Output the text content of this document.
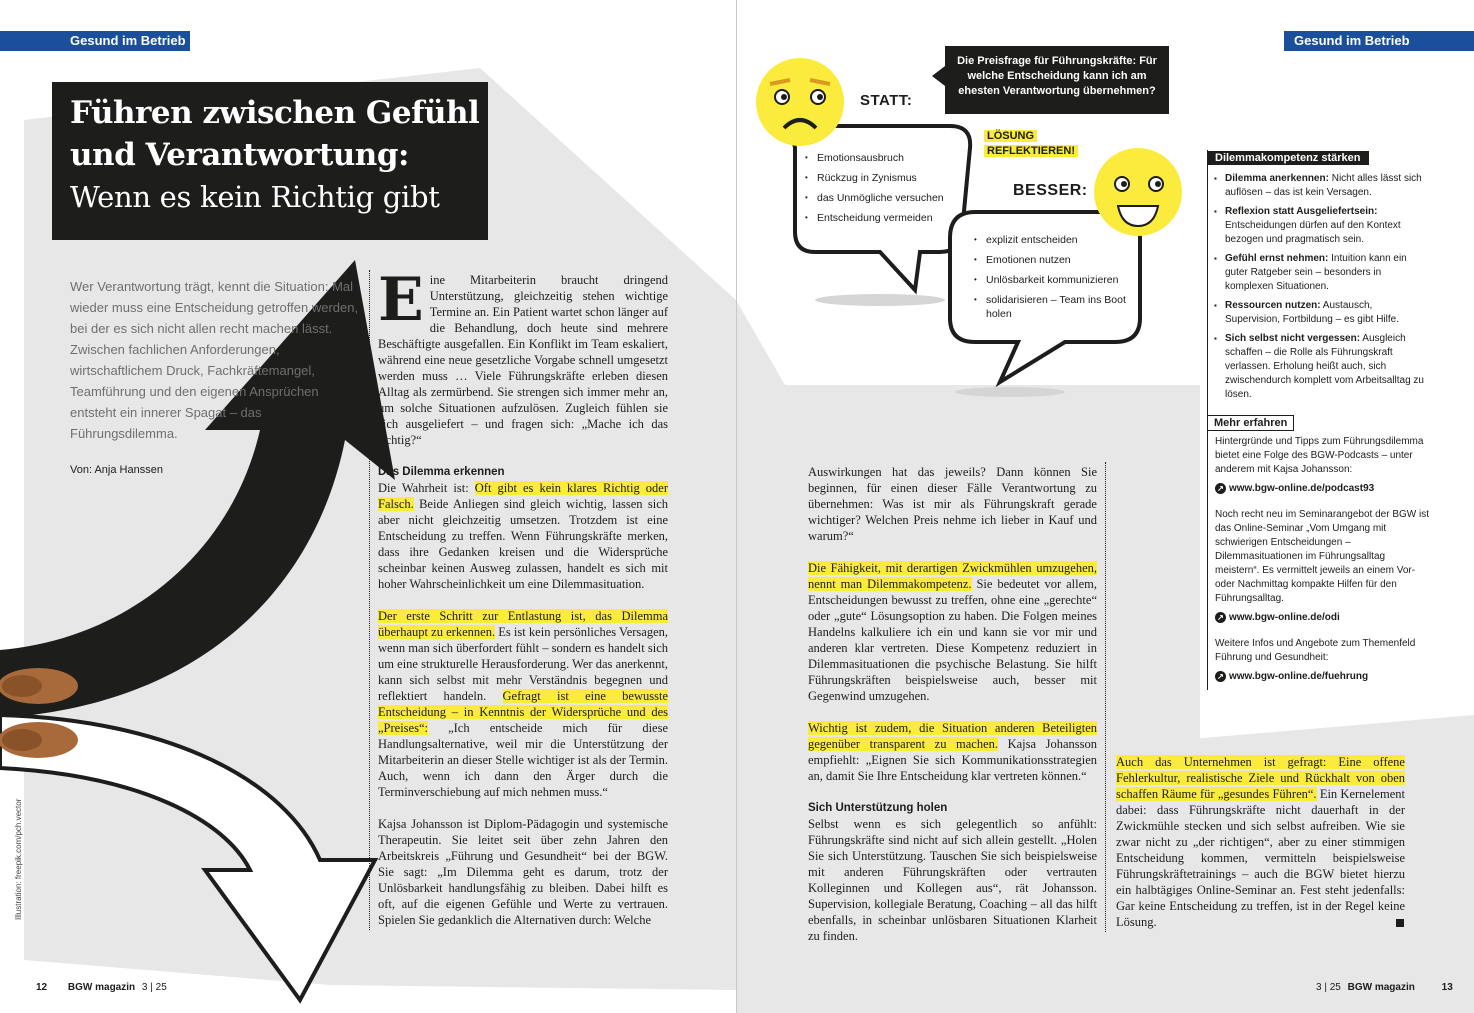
Gesund im Betrieb	Gesund im Betrieb
Führen zwischen Gefühl
und Verantwortung:
Wenn es kein Richtig gibt
Wer Verantwortung trägt, kennt die Situation: Mal wieder muss eine Entscheidung getroffen werden, bei der es sich nicht allen recht machen lässt. Zwischen fachlichen Anforderungen, wirtschaftlichem Druck, Fachkräftemangel, Teamführung und den eigenen Ansprüchen entsteht ein innerer Spagat – das Führungsdilemma.
Von: Anja Hanssen
Illustration: freepik.com/pch.vector

Eine Mitarbeiterin braucht dringend Unterstützung, gleichzeitig stehen wichtige Termine an. Ein Patient wartet schon länger auf die Behandlung, doch heute sind mehrere Beschäftigte ausgefallen. Ein Konflikt im Team eskaliert, während eine neue gesetzliche Vorgabe schnell umgesetzt werden muss … Viele Führungskräfte erleben diesen Alltag als zermürbend. Sie strengen sich immer mehr an, um solche Situationen aufzulösen. Zugleich fühlen sie sich ausgeliefert – und fragen sich: „Mache ich das richtig?“

Das Dilemma erkennen

Die Wahrheit ist: Oft gibt es kein klares Richtig oder Falsch. Beide Anliegen sind gleich wichtig, lassen sich aber nicht gleichzeitig umsetzen. Trotzdem ist eine Entscheidung zu treffen. Wenn Führungskräfte merken, dass ihre Gedanken kreisen und die Widersprüche scheinbar keinen Ausweg zulassen, handelt es sich mit hoher Wahrscheinlichkeit um eine Dilemmasituation.

Der erste Schritt zur Entlastung ist, das Dilemma überhaupt zu erkennen. Es ist kein persönliches Versagen, wenn man sich überfordert fühlt – sondern es handelt sich um eine strukturelle Herausforderung. Wer das anerkennt, kann sich selbst mit mehr Verständnis begegnen und reflektiert handeln. Gefragt ist eine bewusste Entscheidung – in Kenntnis der Widersprüche und des „Preises“: „Ich entscheide mich für diese Handlungsalternative, weil mir die Unterstützung der Mitarbeiterin an dieser Stelle wichtiger ist als der Termin. Auch, wenn ich dann den Ärger durch die Terminverschiebung auf mich nehmen muss.“

Kajsa Johansson ist Diplom-Pädagogin und systemische Therapeutin. Sie leitet seit über zehn Jahren den Arbeitskreis „Führung und Gesundheit“ bei der BGW. Sie sagt: „Im Dilemma geht es darum, trotz der Unlösbarkeit handlungsfähig zu bleiben. Dabei hilft es oft, auf die eigenen Gefühle und Werte zu vertrauen. Spielen Sie gedanklich die Alternativen durch: Welche

Auswirkungen hat das jeweils? Dann können Sie beginnen, für einen dieser Fälle Verantwortung zu übernehmen: Was ist mir als Führungskraft gerade wichtiger? Welchen Preis nehme ich lieber in Kauf und warum?“

Die Fähigkeit, mit derartigen Zwickmühlen umzugehen, nennt man Dilemmakompetenz. Sie bedeutet vor allem, Entscheidungen bewusst zu treffen, ohne eine „gerechte“ oder „gute“ Lösungsoption zu haben. Die Folgen meines Handelns kalkuliere ich ein und kann sie vor mir und anderen klar vertreten. Diese Kompetenz reduziert in Dilemmasituationen die psychische Belastung. Sie hilft Führungskräften beispielsweise auch, besser mit Gegenwind umzugehen.

Wichtig ist zudem, die Situation anderen Beteiligten gegenüber transparent zu machen. Kajsa Johansson empfiehlt: „Eignen Sie sich Kommunikationsstrategien an, damit Sie Ihre Entscheidung klar vertreten können.“

Sich Unterstützung holen

Selbst wenn es sich gelegentlich so anfühlt: Führungskräfte sind nicht auf sich allein gestellt. „Holen Sie sich Unterstützung. Tauschen Sie sich beispielsweise mit anderen Führungskräften oder vertrauten Kolleginnen und Kollegen aus“, rät Johansson. Supervision, kollegiale Beratung, Coaching – all das hilft ebenfalls, in scheinbar unlösbaren Situationen Klarheit zu finden.

Auch das Unternehmen ist gefragt: Eine offene Fehlerkultur, realistische Ziele und Rückhalt von oben schaffen Räume für „gesundes Führen“. Ein Kernelement dabei: dass Führungskräfte nicht dauerhaft in der Zwickmühle stecken und sich selbst aufreiben. Wie sie zwar nicht zu „der richtigen“, aber zu einer stimmigen Entscheidung kommen, vermitteln beispielsweise Führungskräftetrainings – auch die BGW bietet hierzu ein halbtägiges Online-Seminar an. Fest steht jedenfalls: Gar keine Entscheidung zu treffen, ist in der Regel keine Lösung.

Die Preisfrage für Führungskräfte: Für welche Entscheidung kann ich am ehesten Verantwortung übernehmen?
STATT:
• Emotionsausbruch
• Rückzug in Zynismus
• das Unmögliche versuchen
• Entscheidung vermeiden
LÖSUNG
REFLEKTIEREN!
BESSER:
• explizit entscheiden
• Emotionen nutzen
• Unlösbarkeit kommunizieren
• solidarisieren – Team ins Boot holen
Dilemmakompetenz stärken
▪ Dilemma anerkennen: Nicht alles lässt sich auflösen – das ist kein Versagen.
▪ Reflexion statt Ausgeliefertsein: Entscheidungen dürfen auf den Kontext bezogen und pragmatisch sein.
▪ Gefühl ernst nehmen: Intuition kann ein guter Ratgeber sein – besonders in komplexen Situationen.
▪ Ressourcen nutzen: Austausch, Supervision, Fortbildung – es gibt Hilfe.
▪ Sich selbst nicht vergessen: Ausgleich schaffen – die Rolle als Führungskraft verlassen. Erholung heißt auch, sich zwischendurch komplett vom Arbeitsalltag zu lösen.
Mehr erfahren
Hintergründe und Tipps zum Führungsdilemma bietet eine Folge des BGW-Podcasts – unter anderem mit Kajsa Johansson:
↗ www.bgw-online.de/podcast93
Noch recht neu im Seminarangebot der BGW ist das Online-Seminar „Vom Umgang mit schwierigen Entscheidungen – Dilemmasituationen im Führungsalltag meistern“. Es vermittelt jeweils an einem Vor- oder Nachmittag kompakte Hilfen für den Führungsalltag.
↗ www.bgw-online.de/odi
Weitere Infos und Angebote zum Themenfeld Führung und Gesundheit:
↗ www.bgw-online.de/fuehrung
12 BGW magazin 3 | 25	3 | 25 BGW magazin	13
